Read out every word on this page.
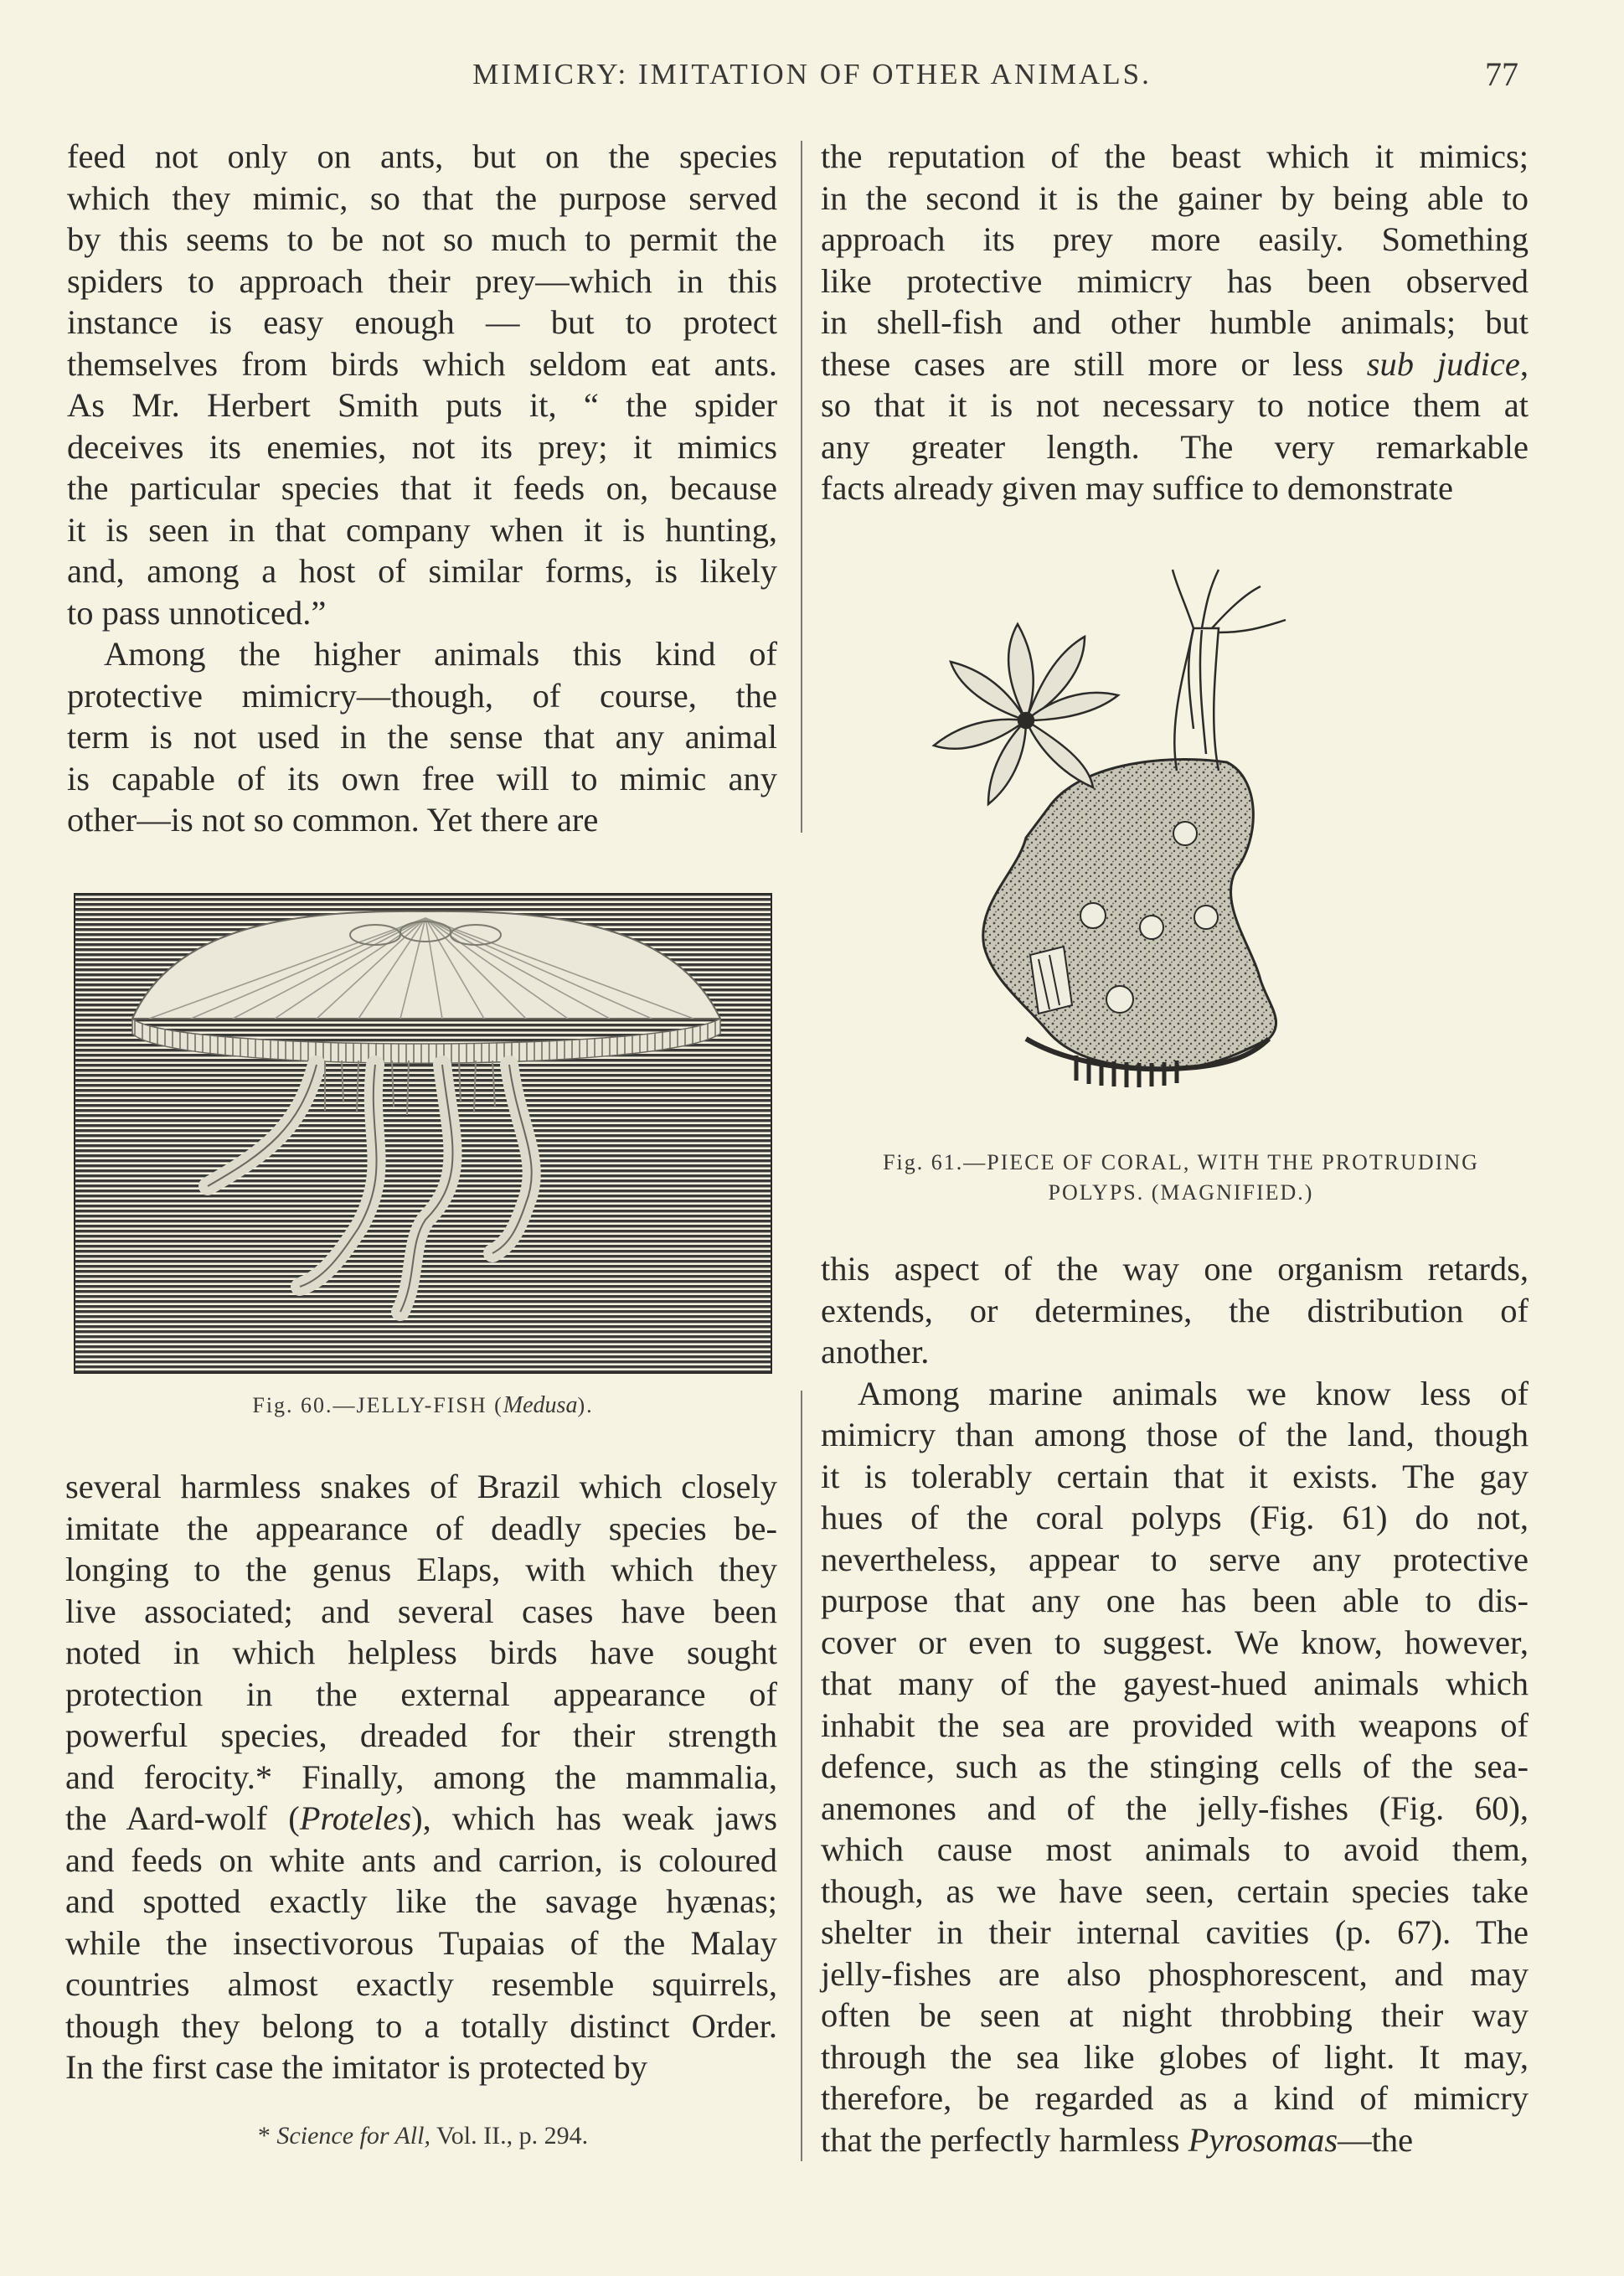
MIMICRY: IMITATION OF OTHER ANIMALS.	77
feed not only on ants, but on the species
which they mimic, so that the purpose served
by this seems to be not so much to permit the
spiders to approach their prey—which in this
instance is easy enough — but to protect
themselves from birds which seldom eat ants.
As Mr. Herbert Smith puts it, “ the spider
deceives its enemies, not its prey; it mimics
the particular species that it feeds on, because
it is seen in that company when it is hunting,
and, among a host of similar forms, is likely
to pass unnoticed.”
Among the higher animals this kind of
protective mimicry—though, of course, the
term is not used in the sense that any animal
is capable of its own free will to mimic any
other—is not so common. Yet there are
Fig. 60.—JELLY-FISH (Medusa).
several harmless snakes of Brazil which closely
imitate the appearance of deadly species be-
longing to the genus Elaps, with which they
live associated; and several cases have been
noted in which helpless birds have sought
protection in the external appearance of
powerful species, dreaded for their strength
and ferocity.* Finally, among the mammalia,
the Aard-wolf (Proteles), which has weak jaws
and feeds on white ants and carrion, is coloured
and spotted exactly like the savage hyænas;
while the insectivorous Tupaias of the Malay
countries almost exactly resemble squirrels,
though they belong to a totally distinct Order.
In the first case the imitator is protected by
* Science for All, Vol. II., p. 294.
the reputation of the beast which it mimics;
in the second it is the gainer by being able to
approach its prey more easily. Something
like protective mimicry has been observed
in shell-fish and other humble animals; but
these cases are still more or less sub judice,
so that it is not necessary to notice them at
any greater length. The very remarkable
facts already given may suffice to demonstrate
Fig. 61.—PIECE OF CORAL, WITH THE PROTRUDING
POLYPS. (MAGNIFIED.)
this aspect of the way one organism retards,
extends, or determines, the distribution of
another.
Among marine animals we know less of
mimicry than among those of the land, though
it is tolerably certain that it exists. The gay
hues of the coral polyps (Fig. 61) do not,
nevertheless, appear to serve any protective
purpose that any one has been able to dis-
cover or even to suggest. We know, however,
that many of the gayest-hued animals which
inhabit the sea are provided with weapons of
defence, such as the stinging cells of the sea-
anemones and of the jelly-fishes (Fig. 60),
which cause most animals to avoid them,
though, as we have seen, certain species take
shelter in their internal cavities (p. 67). The
jelly-fishes are also phosphorescent, and may
often be seen at night throbbing their way
through the sea like globes of light. It may,
therefore, be regarded as a kind of mimicry
that the perfectly harmless Pyrosomas—the
